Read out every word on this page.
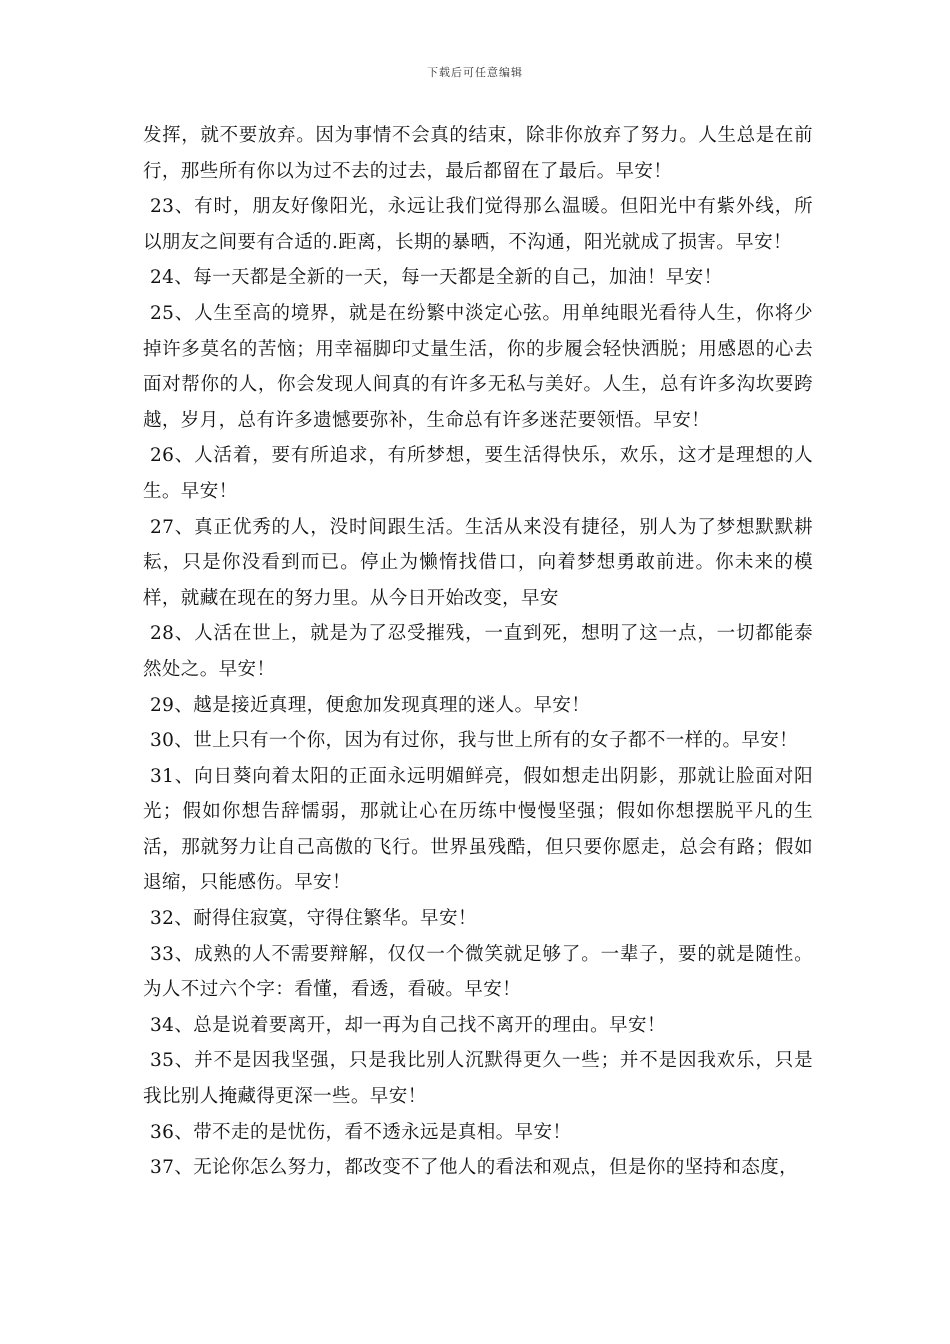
下载后可任意编辑

发挥，就不要放弃。因为事情不会真的结束，除非你放弃了努力。人生总是在前行，那些所有你以为过不去的过去，最后都留在了最后。早安！

23、有时，朋友好像阳光，永远让我们觉得那么温暖。但阳光中有紫外线，所以朋友之间要有合适的.距离，长期的暴晒，不沟通，阳光就成了损害。早安！

24、每一天都是全新的一天，每一天都是全新的自己，加油！早安！

25、人生至高的境界，就是在纷繁中淡定心弦。用单纯眼光看待人生，你将少掉许多莫名的苦恼；用幸福脚印丈量生活，你的步履会轻快洒脱；用感恩的心去面对帮你的人，你会发现人间真的有许多无私与美好。人生，总有许多沟坎要跨越，岁月，总有许多遗憾要弥补，生命总有许多迷茫要领悟。早安！

26、人活着，要有所追求，有所梦想，要生活得快乐，欢乐，这才是理想的人生。早安！

27、真正优秀的人，没时间跟生活。生活从来没有捷径，别人为了梦想默默耕耘，只是你没看到而已。停止为懒惰找借口，向着梦想勇敢前进。你未来的模样，就藏在现在的努力里。从今日开始改变，早安

28、人活在世上，就是为了忍受摧残，一直到死，想明了这一点，一切都能泰然处之。早安！

29、越是接近真理，便愈加发现真理的迷人。早安！

30、世上只有一个你，因为有过你，我与世上所有的女子都不一样的。早安！

31、向日葵向着太阳的正面永远明媚鲜亮，假如想走出阴影，那就让脸面对阳光；假如你想告辞懦弱，那就让心在历练中慢慢坚强；假如你想摆脱平凡的生活，那就努力让自己高傲的飞行。世界虽残酷，但只要你愿走，总会有路；假如退缩，只能感伤。早安！

32、耐得住寂寞，守得住繁华。早安！

33、成熟的人不需要辩解，仅仅一个微笑就足够了。一辈子，要的就是随性。为人不过六个字：看懂，看透，看破。早安！

34、总是说着要离开，却一再为自己找不离开的理由。早安！

35、并不是因我坚强，只是我比别人沉默得更久一些；并不是因我欢乐，只是我比别人掩藏得更深一些。早安！

36、带不走的是忧伤，看不透永远是真相。早安！

37、无论你怎么努力，都改变不了他人的看法和观点，但是你的坚持和态度，
